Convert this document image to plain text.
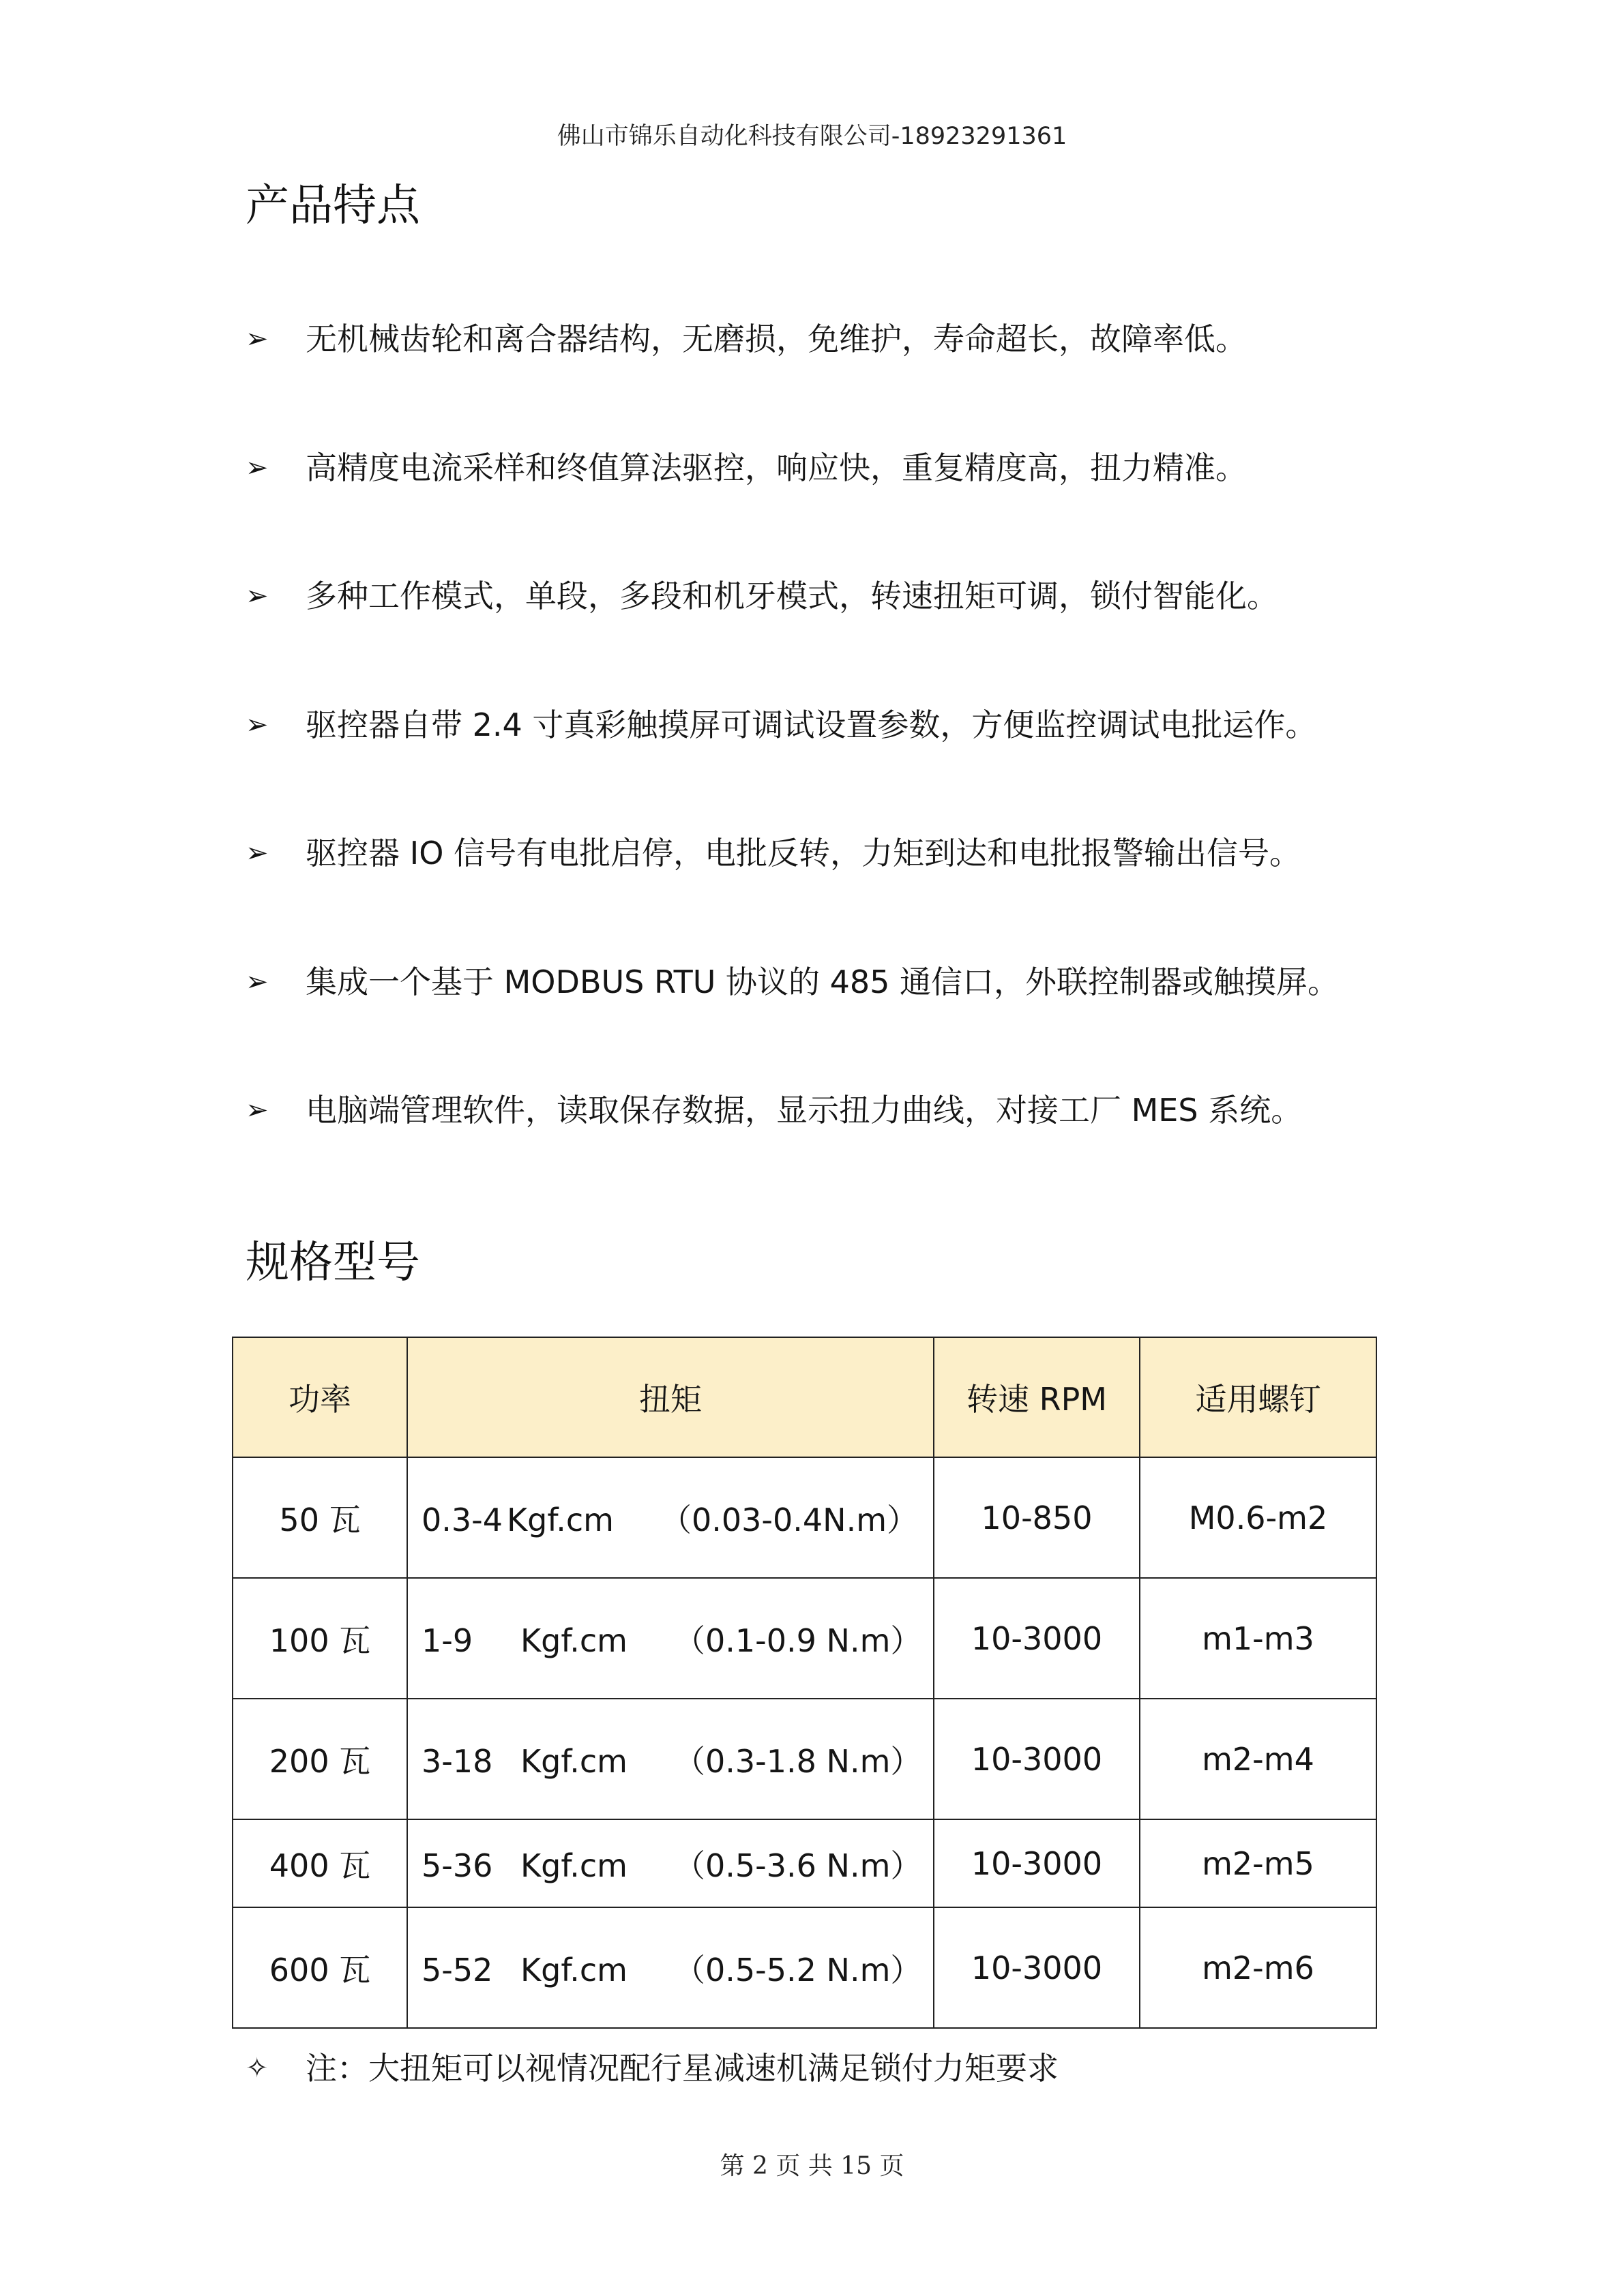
佛山市锦乐自动化科技有限公司-18923291361
产品特点
➢	无机械齿轮和离合器结构，无磨损，免维护，寿命超长，故障率低。
➢	高精度电流采样和终值算法驱控，响应快，重复精度高，扭力精准。
➢	多种工作模式，单段，多段和机牙模式，转速扭矩可调，锁付智能化。
➢	驱控器自带 2.4 寸真彩触摸屏可调试设置参数，方便监控调试电批运作。
➢	驱控器 IO 信号有电批启停，电批反转，力矩到达和电批报警输出信号。
➢	集成一个基于 MODBUS RTU 协议的 485 通信口，外联控制器或触摸屏。
➢	电脑端管理软件，读取保存数据，显示扭力曲线，对接工厂 MES 系统。
规格型号
功率	扭矩	转速 RPM	适用螺钉
50 瓦	0.3-4 Kgf.cm （0.03-0.4N.m）	10-850	M0.6-m2
100 瓦	1-9 Kgf.cm （0.1-0.9 N.m）	10-3000	m1-m3
200 瓦	3-18 Kgf.cm （0.3-1.8 N.m）	10-3000	m2-m4
400 瓦	5-36 Kgf.cm （0.5-3.6 N.m）	10-3000	m2-m5
600 瓦	5-52 Kgf.cm （0.5-5.2 N.m）	10-3000	m2-m6
✧ 注：大扭矩可以视情况配行星减速机满足锁付力矩要求
第 2 页 共 15 页
